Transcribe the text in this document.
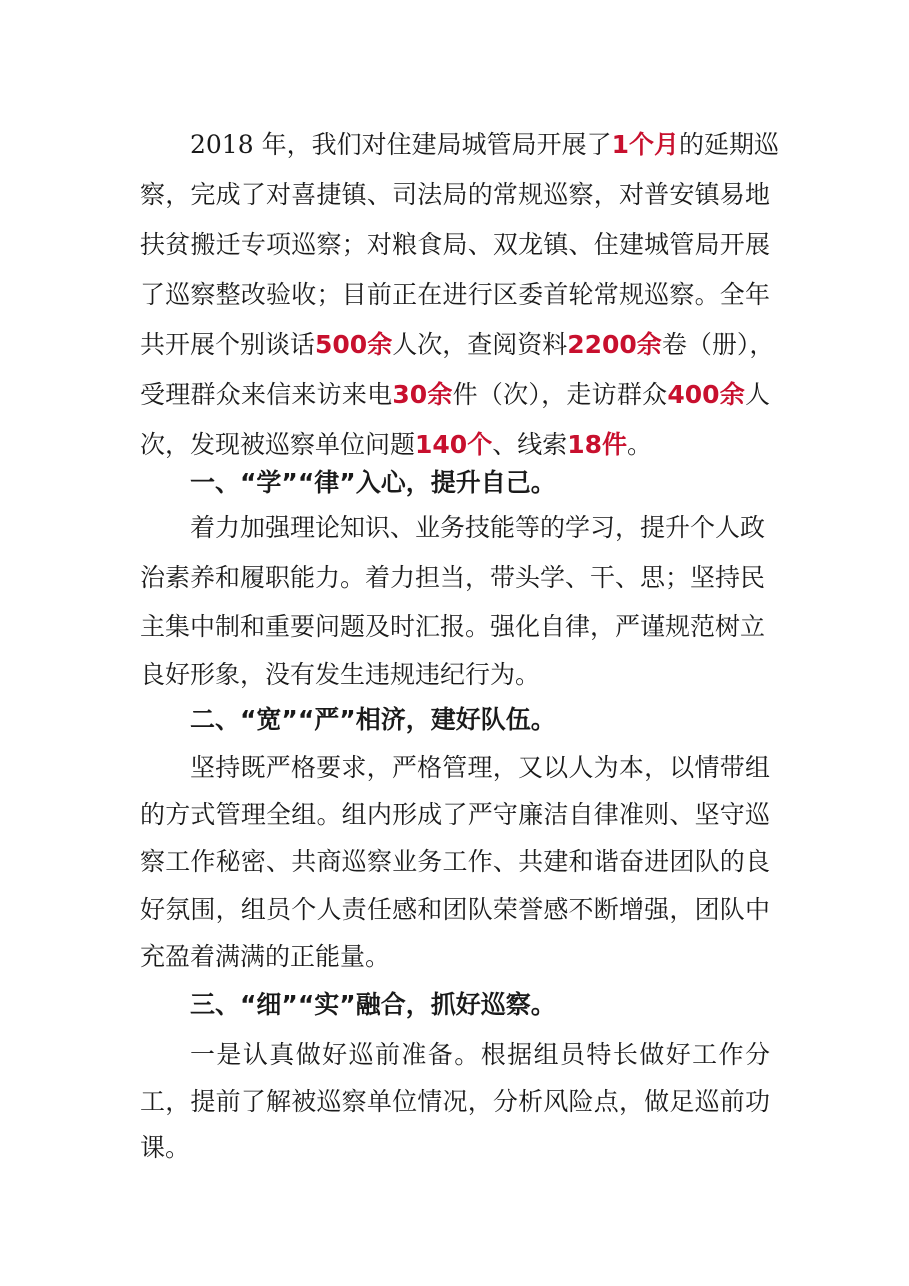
2018 年，我们对住建局城管局开展了1个月的延期巡
察，完成了对喜捷镇、司法局的常规巡察，对普安镇易地
扶贫搬迁专项巡察；对粮食局、双龙镇、住建城管局开展
了巡察整改验收；目前正在进行区委首轮常规巡察。全年
共开展个别谈话500余人次，查阅资料2200余卷（册），
受理群众来信来访来电30余件（次），走访群众400余人
次，发现被巡察单位问题140个、线索18件。
一、“学”“律”入心，提升自己。
着力加强理论知识、业务技能等的学习，提升个人政
治素养和履职能力。着力担当，带头学、干、思；坚持民
主集中制和重要问题及时汇报。强化自律，严谨规范树立
良好形象，没有发生违规违纪行为。
二、“宽”“严”相济，建好队伍。
坚持既严格要求，严格管理，又以人为本，以情带组
的方式管理全组。组内形成了严守廉洁自律准则、坚守巡
察工作秘密、共商巡察业务工作、共建和谐奋进团队的良
好氛围，组员个人责任感和团队荣誉感不断增强，团队中
充盈着满满的正能量。
三、“细”“实”融合，抓好巡察。
一是认真做好巡前准备。根据组员特长做好工作分
工，提前了解被巡察单位情况，分析风险点，做足巡前功
课。
